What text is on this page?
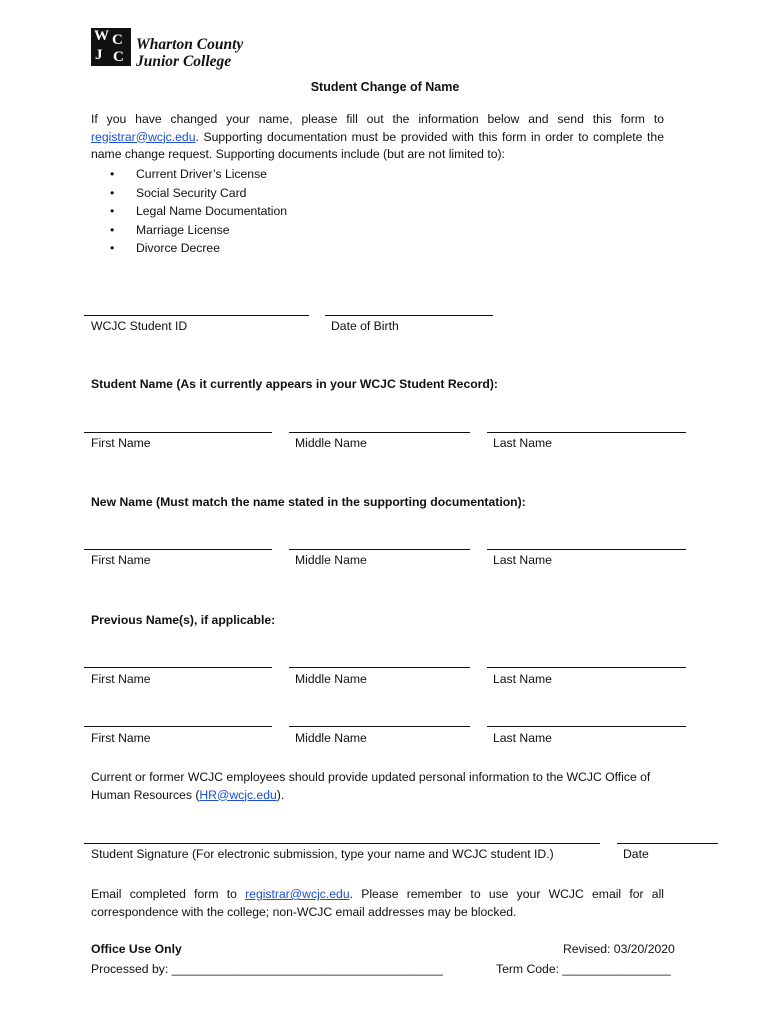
W C
J C
Wharton County
Junior College
Student Change of Name
If you have changed your name, please fill out the information below and send this form to registrar@wcjc.edu. Supporting documentation must be provided with this form in order to complete the name change request. Supporting documents include (but are not limited to):
• Current Driver’s License
• Social Security Card
• Legal Name Documentation
• Marriage License
• Divorce Decree
WCJC Student ID	Date of Birth
Student Name (As it currently appears in your WCJC Student Record):
First Name	Middle Name	Last Name
New Name (Must match the name stated in the supporting documentation):
First Name	Middle Name	Last Name
Previous Name(s), if applicable:
First Name	Middle Name	Last Name
First Name	Middle Name	Last Name
Current or former WCJC employees should provide updated personal information to the WCJC Office of Human Resources (HR@wcjc.edu).
Student Signature (For electronic submission, type your name and WCJC student ID.)	Date
Email completed form to registrar@wcjc.edu. Please remember to use your WCJC email for all correspondence with the college; non-WCJC email addresses may be blocked.
Office Use Only	Revised: 03/20/2020
Processed by: ________________________________________	Term Code: ________________
